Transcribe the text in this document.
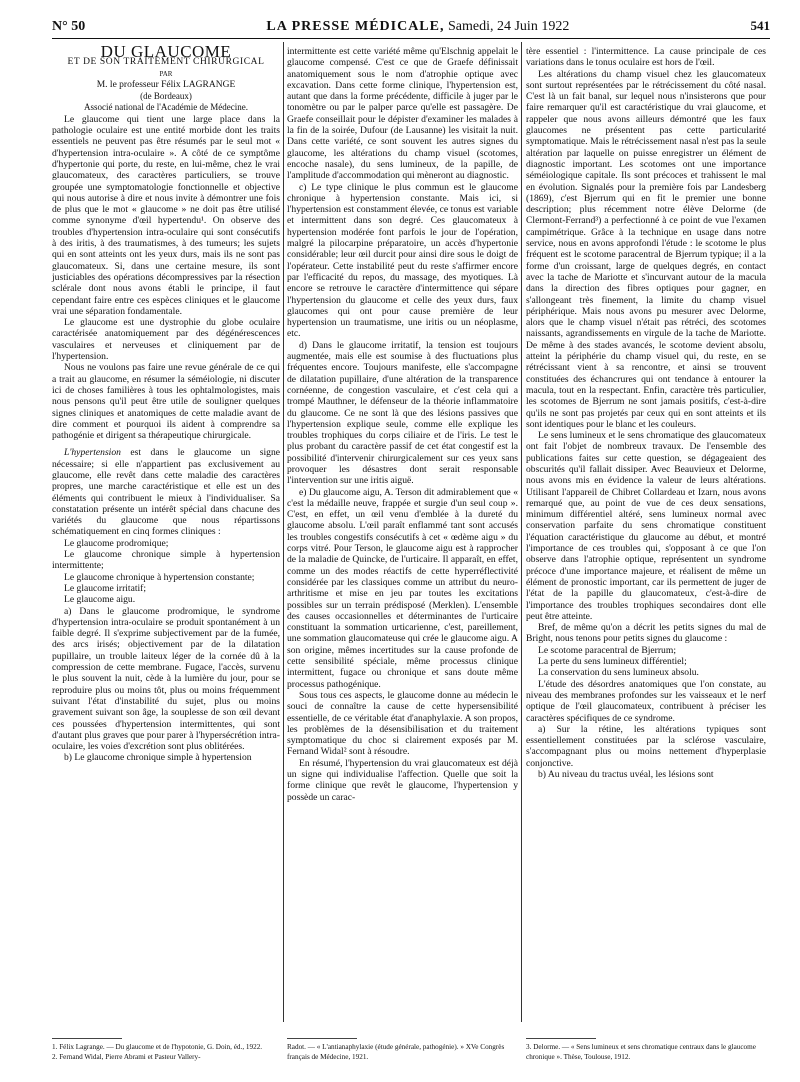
N° 50	LA PRESSE MÉDICALE, Samedi, 24 Juin 1922	541

DU GLAUCOME

ET DE SON TRAITEMENT CHIRURGICAL

PAR

M. le professeur Félix LAGRANGE

(de Bordeaux)

Associé national de l'Académie de Médecine.

Le glaucome qui tient une large place dans la pathologie oculaire est une entité morbide dont les traits essentiels ne peuvent pas être résumés par le seul mot « d'hypertension intra-oculaire ». A côté de ce symptôme d'hypertonie qui porte, du reste, en lui-même, chez le vrai glaucomateux, des caractères particuliers, se trouve groupée une symptomatologie fonctionnelle et objective qui nous autorise à dire et nous invite à démontrer une fois de plus que le mot « glaucome » ne doit pas être utilisé comme synonyme d'œil hypertendu¹. On observe des troubles d'hypertension intra-oculaire qui sont consécutifs à des iritis, à des traumatismes, à des tumeurs; les sujets qui en sont atteints ont les yeux durs, mais ils ne sont pas glaucomateux. Si, dans une certaine mesure, ils sont justiciables des opérations décompressives par la résection sclérale dont nous avons établi le principe, il faut cependant faire entre ces espèces cliniques et le glaucome vrai une séparation fondamentale.

Le glaucome est une dystrophie du globe oculaire caractérisée anatomiquement par des dégénérescences vasculaires et nerveuses et cliniquement par de l'hypertension.

Nous ne voulons pas faire une revue générale de ce qui a trait au glaucome, en résumer la séméiologie, ni discuter ici de choses familières à tous les ophtalmologistes, mais nous pensons qu'il peut être utile de souligner quelques signes cliniques et anatomiques de cette maladie avant de dire comment et pourquoi ils aident à comprendre sa pathogénie et dirigent sa thérapeutique chirurgicale.

L'hypertension est dans le glaucome un signe nécessaire; si elle n'appartient pas exclusivement au glaucome, elle revêt dans cette maladie des caractères propres, une marche caractéristique et elle est un des éléments qui contribuent le mieux à l'individualiser. Sa constatation présente un intérêt spécial dans chacune des variétés du glaucome que nous répartissons schématiquement en cinq formes cliniques :

Le glaucome prodromique;

Le glaucome chronique simple à hypertension intermittente;

Le glaucome chronique à hypertension constante;

Le glaucome irritatif;

Le glaucome aigu.

a) Dans le glaucome prodromique, le syndrome d'hypertension intra-oculaire se produit spontanément à un faible degré. Il s'exprime subjectivement par de la fumée, des arcs irisés; objectivement par de la dilatation pupillaire, un trouble laiteux léger de la cornée dû à la compression de cette membrane. Fugace, l'accès, survenu le plus souvent la nuit, cède à la lumière du jour, pour se reproduire plus ou moins tôt, plus ou moins fréquemment suivant l'état d'instabilité du sujet, plus ou moins gravement suivant son âge, la souplesse de son œil devant ces poussées d'hypertension intermittentes, qui sont d'autant plus graves que pour parer à l'hypersécrétion intra-oculaire, les voies d'excrétion sont plus oblitérées.

b) Le glaucome chronique simple à hypertension

intermittente est cette variété même qu'Elschnig appelait le glaucome compensé. C'est ce que de Graefe définissait anatomiquement sous le nom d'atrophie optique avec excavation. Dans cette forme clinique, l'hypertension est, autant que dans la forme précédente, difficile à juger par le tonomètre ou par le palper parce qu'elle est passagère. De Graefe conseillait pour le dépister d'examiner les malades à la fin de la soirée, Dufour (de Lausanne) les visitait la nuit. Dans cette variété, ce sont souvent les autres signes du glaucome, les altérations du champ visuel (scotomes, encoche nasale), du sens lumineux, de la papille, de l'amplitude d'accommodation qui mèneront au diagnostic.

c) Le type clinique le plus commun est le glaucome chronique à hypertension constante. Mais ici, si l'hypertension est constamment élevée, ce tonus est variable et intermittent dans son degré. Ces glaucomateux à hypertension modérée font parfois le jour de l'opération, malgré la pilocarpine préparatoire, un accès d'hypertonie considérable; leur œil durcit pour ainsi dire sous le doigt de l'opérateur. Cette instabilité peut du reste s'affirmer encore par l'efficacité du repos, du massage, des myotiques. Là encore se retrouve le caractère d'intermittence qui sépare l'hypertension du glaucome et celle des yeux durs, faux glaucomes qui ont pour cause première de leur hypertension un traumatisme, une iritis ou un néoplasme, etc.

d) Dans le glaucome irritatif, la tension est toujours augmentée, mais elle est soumise à des fluctuations plus fréquentes encore. Toujours manifeste, elle s'accompagne de dilatation pupillaire, d'une altération de la transparence cornéenne, de congestion vasculaire, et c'est cela qui a trompé Mauthner, le défenseur de la théorie inflammatoire du glaucome. Ce ne sont là que des lésions passives que l'hypertension explique seule, comme elle explique les troubles trophiques du corps ciliaire et de l'iris. Le test le plus probant du caractère passif de cet état congestif est la possibilité d'intervenir chirurgicalement sur ces yeux sans provoquer les désastres dont serait responsable l'intervention sur une iritis aiguë.

e) Du glaucome aigu, A. Terson dit admirablement que « c'est la médaille neuve, frappée et surgie d'un seul coup ». C'est, en effet, un œil venu d'emblée à la dureté du glaucome absolu. L'œil paraît enflammé tant sont accusés les troubles congestifs consécutifs à cet « œdème aigu » du corps vitré. Pour Terson, le glaucome aigu est à rapprocher de la maladie de Quincke, de l'urticaire. Il apparaît, en effet, comme un des modes réactifs de cette hyperréflectivité considérée par les classiques comme un attribut du neuro-arthritisme et mise en jeu par toutes les excitations possibles sur un terrain prédisposé (Merklen). L'ensemble des causes occasionnelles et déterminantes de l'urticaire constituant la sommation urticarienne, c'est, pareillement, une sommation glaucomateuse qui crée le glaucome aigu. A son origine, mêmes incertitudes sur la cause profonde de cette sensibilité spéciale, même processus clinique intermittent, fugace ou chronique et sans doute même processus pathogénique.

Sous tous ces aspects, le glaucome donne au médecin le souci de connaître la cause de cette hypersensibilité essentielle, de ce véritable état d'anaphylaxie. A son propos, les problèmes de la désensibilisation et du traitement symptomatique du choc si clairement exposés par M. Fernand Widal² sont à résoudre.

En résumé, l'hypertension du vrai glaucomateux est déjà un signe qui individualise l'affection. Quelle que soit la forme clinique que revêt le glaucome, l'hypertension y possède un carac-

tère essentiel : l'intermittence. La cause principale de ces variations dans le tonus oculaire est hors de l'œil.

Les altérations du champ visuel chez les glaucomateux sont surtout représentées par le rétrécissement du côté nasal. C'est là un fait banal, sur lequel nous n'insisterons que pour faire remarquer qu'il est caractéristique du vrai glaucome, et rappeler que nous avons ailleurs démontré que les faux glaucomes ne présentent pas cette particularité symptomatique. Mais le rétrécissement nasal n'est pas la seule altération par laquelle on puisse enregistrer un élément de diagnostic important. Les scotomes ont une importance séméiologique capitale. Ils sont précoces et trahissent le mal en évolution. Signalés pour la première fois par Landesberg (1869), c'est Bjerrum qui en fit le premier une bonne description; plus récemment notre élève Delorme (de Clermont-Ferrand³) a perfectionné à ce point de vue l'examen campimétrique. Grâce à la technique en usage dans notre service, nous en avons approfondi l'étude : le scotome le plus fréquent est le scotome paracentral de Bjerrum typique; il a la forme d'un croissant, large de quelques degrés, en contact avec la tache de Mariotte et s'incurvant autour de la macula dans la direction des fibres optiques pour gagner, en s'allongeant très finement, la limite du champ visuel périphérique. Mais nous avons pu mesurer avec Delorme, alors que le champ visuel n'était pas rétréci, des scotomes naissants, agrandissements en virgule de la tache de Mariotte. De même à des stades avancés, le scotome devient absolu, atteint la périphérie du champ visuel qui, du reste, en se rétrécissant vient à sa rencontre, et ainsi se trouvent constituées des échancrures qui ont tendance à entourer la macula, tout en la respectant. Enfin, caractère très particulier, les scotomes de Bjerrum ne sont jamais positifs, c'est-à-dire qu'ils ne sont pas projetés par ceux qui en sont atteints et ils sont identiques pour le blanc et les couleurs.

Le sens lumineux et le sens chromatique des glaucomateux ont fait l'objet de nombreux travaux. De l'ensemble des publications faites sur cette question, se dégageaient des obscurités qu'il fallait dissiper. Avec Beauvieux et Delorme, nous avons mis en évidence la valeur de leurs altérations. Utilisant l'appareil de Chibret Collardeau et Izarn, nous avons remarqué que, au point de vue de ces deux sensations, minimum différentiel altéré, sens lumineux normal avec conservation parfaite du sens chromatique constituent l'équation caractéristique du glaucome au début, et montré l'importance de ces troubles qui, s'opposant à ce que l'on observe dans l'atrophie optique, représentent un syndrome précoce d'une importance majeure, et réalisent de même un élément de pronostic important, car ils permettent de juger de l'état de la papille du glaucomateux, c'est-à-dire de l'importance des troubles trophiques secondaires dont elle peut être atteinte.

Bref, de même qu'on a décrit les petits signes du mal de Bright, nous tenons pour petits signes du glaucome :

Le scotome paracentral de Bjerrum;

La perte du sens lumineux différentiel;

La conservation du sens lumineux absolu.

L'étude des désordres anatomiques que l'on constate, au niveau des membranes profondes sur les vaisseaux et le nerf optique de l'œil glaucomateux, contribuent à préciser les caractères spécifiques de ce syndrome.

a) Sur la rétine, les altérations typiques sont essentiellement constituées par la sclérose vasculaire, s'accompagnant plus ou moins nettement d'hyperplasie conjonctive.

b) Au niveau du tractus uvéal, les lésions sont

1. Félix Lagrange. — Du glaucome et de l'hypotonie, G. Doin, éd., 1922.
2. Fernand Widal, Pierre Abrami et Pasteur Vallery-
Radot. — « L'antianaphylaxie (étude générale, pathogénie). » XVe Congrès français de Médecine, 1921.
3. Delorme. — « Sens lumineux et sens chromatique centraux dans le glaucome chronique ». Thèse, Toulouse, 1912.
